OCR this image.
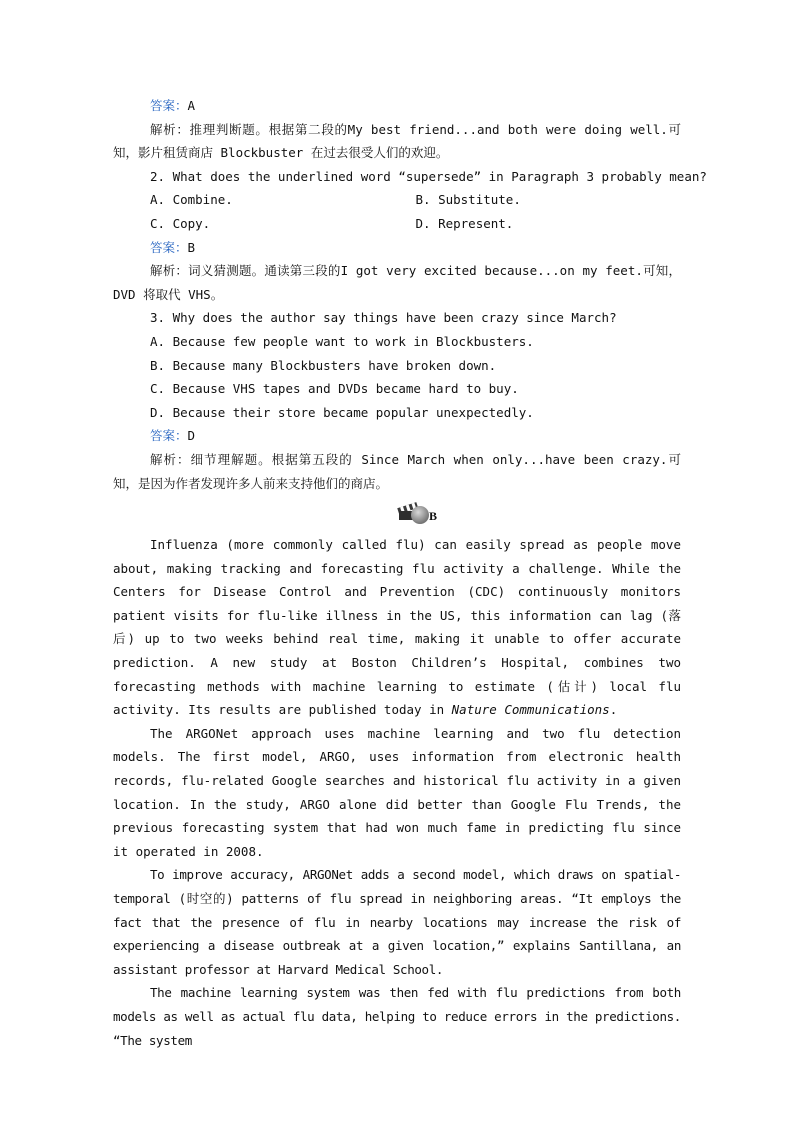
答案：A
解析：推理判断题。根据第二段的My best friend...and both were doing well.可知，影片租赁商店 Blockbuster 在过去很受人们的欢迎。
2. What does the underlined word “supersede” in Paragraph 3 probably mean?
A. Combine.	B. Substitute.
C. Copy.	D. Represent.
答案：B
解析：词义猜测题。通读第三段的I got very excited because...on my feet.可知，DVD 将取代 VHS。
3. Why does the author say things have been crazy since March?
A. Because few people want to work in Blockbusters.
B. Because many Blockbusters have broken down.
C. Because VHS tapes and DVDs became hard to buy.
D. Because their store became popular unexpectedly.
答案：D
解析：细节理解题。根据第五段的 Since March when only...have been crazy.可知，是因为作者发现许多人前来支持他们的商店。
B

Influenza (more commonly called flu) can easily spread as people move about, making tracking and forecasting flu activity a challenge. While the Centers for Disease Control and Prevention (CDC) continuously monitors patient visits for flu-like illness in the US, this information can lag (落后) up to two weeks behind real time, making it unable to offer accurate prediction. A new study at Boston Children’s Hospital, combines two forecasting methods with machine learning to estimate (估计) local flu activity. Its results are published today in Nature Communications.

The ARGONet approach uses machine learning and two flu detection models. The first model, ARGO, uses information from electronic health records, flu-related Google searches and historical flu activity in a given location. In the study, ARGO alone did better than Google Flu Trends, the previous forecasting system that had won much fame in predicting flu since it operated in 2008.

To improve accuracy, ARGONet adds a second model, which draws on spatial-temporal (时空的) patterns of flu spread in neighboring areas. “It employs the fact that the presence of flu in nearby locations may increase the risk of experiencing a disease outbreak at a given location,” explains Santillana, an assistant professor at Harvard Medical School.

The machine learning system was then fed with flu predictions from both models as well as actual flu data, helping to reduce errors in the predictions. “The system
